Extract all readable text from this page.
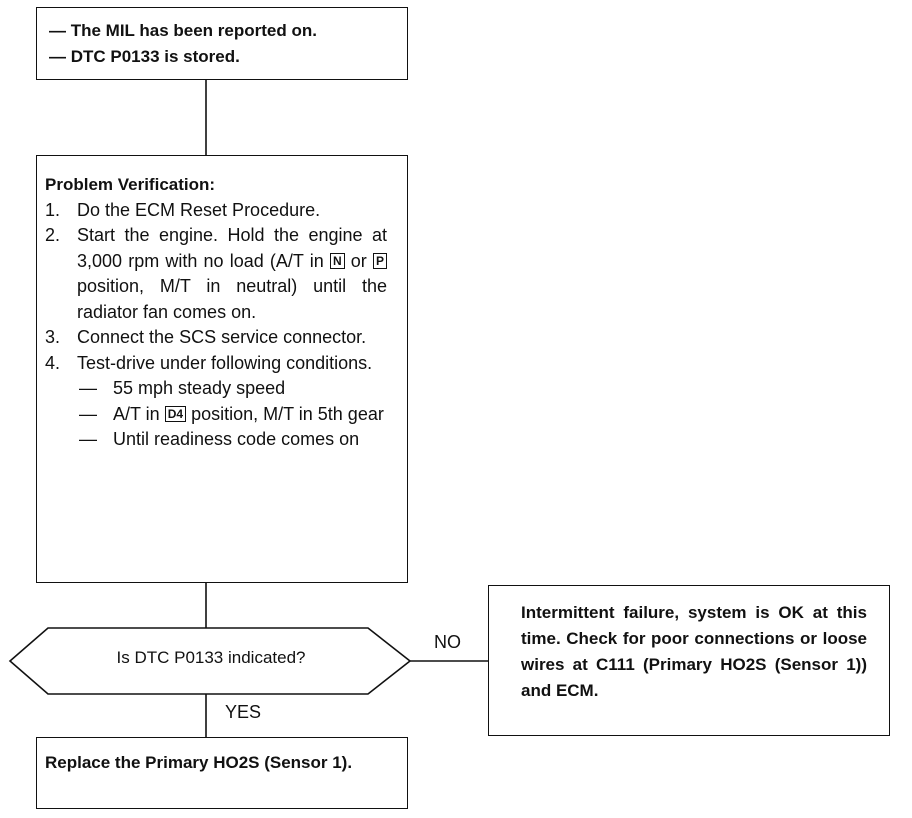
— The MIL has been reported on.

— DTC P0133 is stored.

Problem Verification:

1. Do the ECM Reset Procedure.
2. Start the engine. Hold the engine at 3,000 rpm with no load (A/T in N or P position, M/T in neutral) until the radiator fan comes on.
3. Connect the SCS service connector.
4. Test-drive under following conditions.
— 55 mph steady speed
— A/T in D4 position, M/T in 5th gear
— Until readiness code comes on
Is DTC P0133 indicated?
NO
YES

Intermittent failure, system is OK at this time. Check for poor connections or loose wires at C111 (Primary HO2S (Sensor 1)) and ECM.

Replace the Primary HO2S (Sensor 1).
